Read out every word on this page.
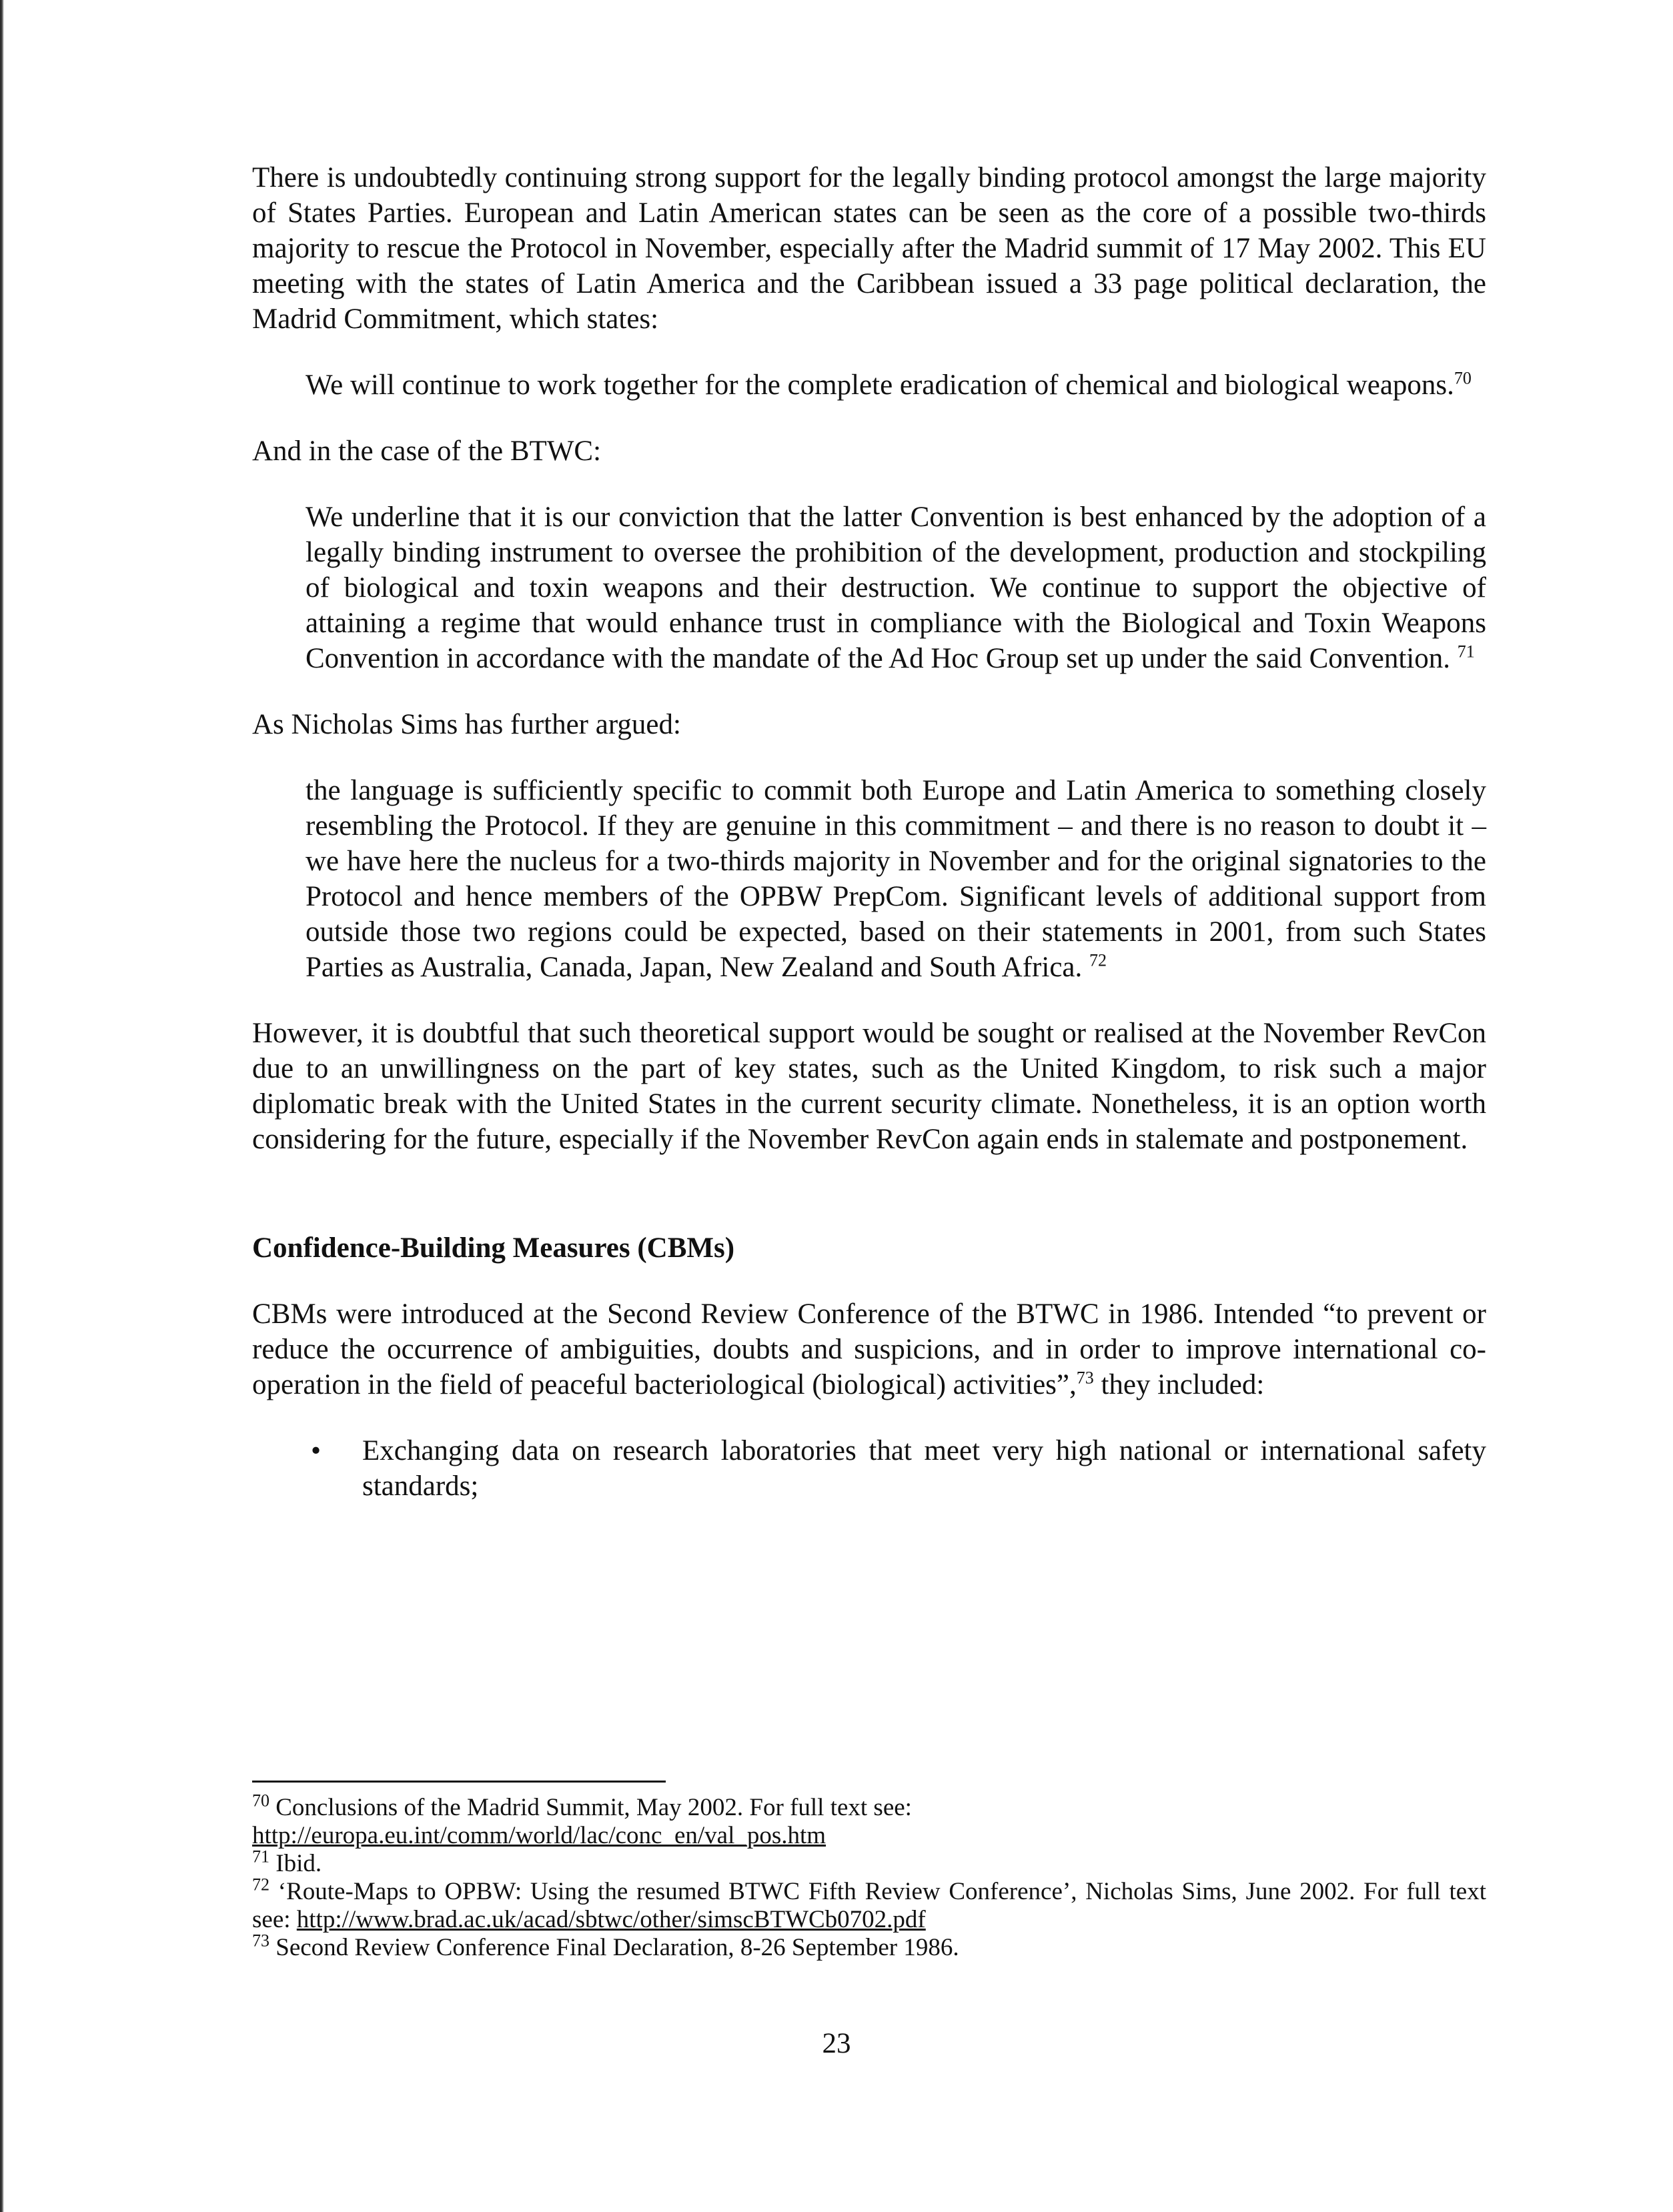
There is undoubtedly continuing strong support for the legally binding protocol amongst the large majority of States Parties. European and Latin American states can be seen as the core of a possible two-thirds majority to rescue the Protocol in November, especially after the Madrid summit of 17 May 2002. This EU meeting with the states of Latin America and the Caribbean issued a 33 page political declaration, the Madrid Commitment, which states:

We will continue to work together for the complete eradication of chemical and biological weapons.$^{70}$

And in the case of the BTWC:

We underline that it is our conviction that the latter Convention is best enhanced by the adoption of a legally binding instrument to oversee the prohibition of the development, production and stockpiling of biological and toxin weapons and their destruction. We continue to support the objective of attaining a regime that would enhance trust in compliance with the Biological and Toxin Weapons Convention in accordance with the mandate of the Ad Hoc Group set up under the said Convention. $^{71}$

As Nicholas Sims has further argued:

the language is sufficiently specific to commit both Europe and Latin America to something closely resembling the Protocol. If they are genuine in this commitment – and there is no reason to doubt it – we have here the nucleus for a two-thirds majority in November and for the original signatories to the Protocol and hence members of the OPBW PrepCom. Significant levels of additional support from outside those two regions could be expected, based on their statements in 2001, from such States Parties as Australia, Canada, Japan, New Zealand and South Africa. $^{72}$

However, it is doubtful that such theoretical support would be sought or realised at the November RevCon due to an unwillingness on the part of key states, such as the United Kingdom, to risk such a major diplomatic break with the United States in the current security climate. Nonetheless, it is an option worth considering for the future, especially if the November RevCon again ends in stalemate and postponement.

Confidence-Building Measures (CBMs)

CBMs were introduced at the Second Review Conference of the BTWC in 1986. Intended “to prevent or reduce the occurrence of ambiguities, doubts and suspicions, and in order to improve international co-operation in the field of peaceful bacteriological (biological) activities”,$^{73}$ they included:

• Exchanging data on research laboratories that meet very high national or international safety standards;

$^{70}$ Conclusions of the Madrid Summit, May 2002. For full text see:
http://europa.eu.int/comm/world/lac/conc_en/val_pos.htm

$^{71}$ Ibid.

$^{72}$ ‘Route-Maps to OPBW: Using the resumed BTWC Fifth Review Conference’, Nicholas Sims, June 2002. For full text see: http://www.brad.ac.uk/acad/sbtwc/other/simscBTWCb0702.pdf

$^{73}$ Second Review Conference Final Declaration, 8-26 September 1986.

23
